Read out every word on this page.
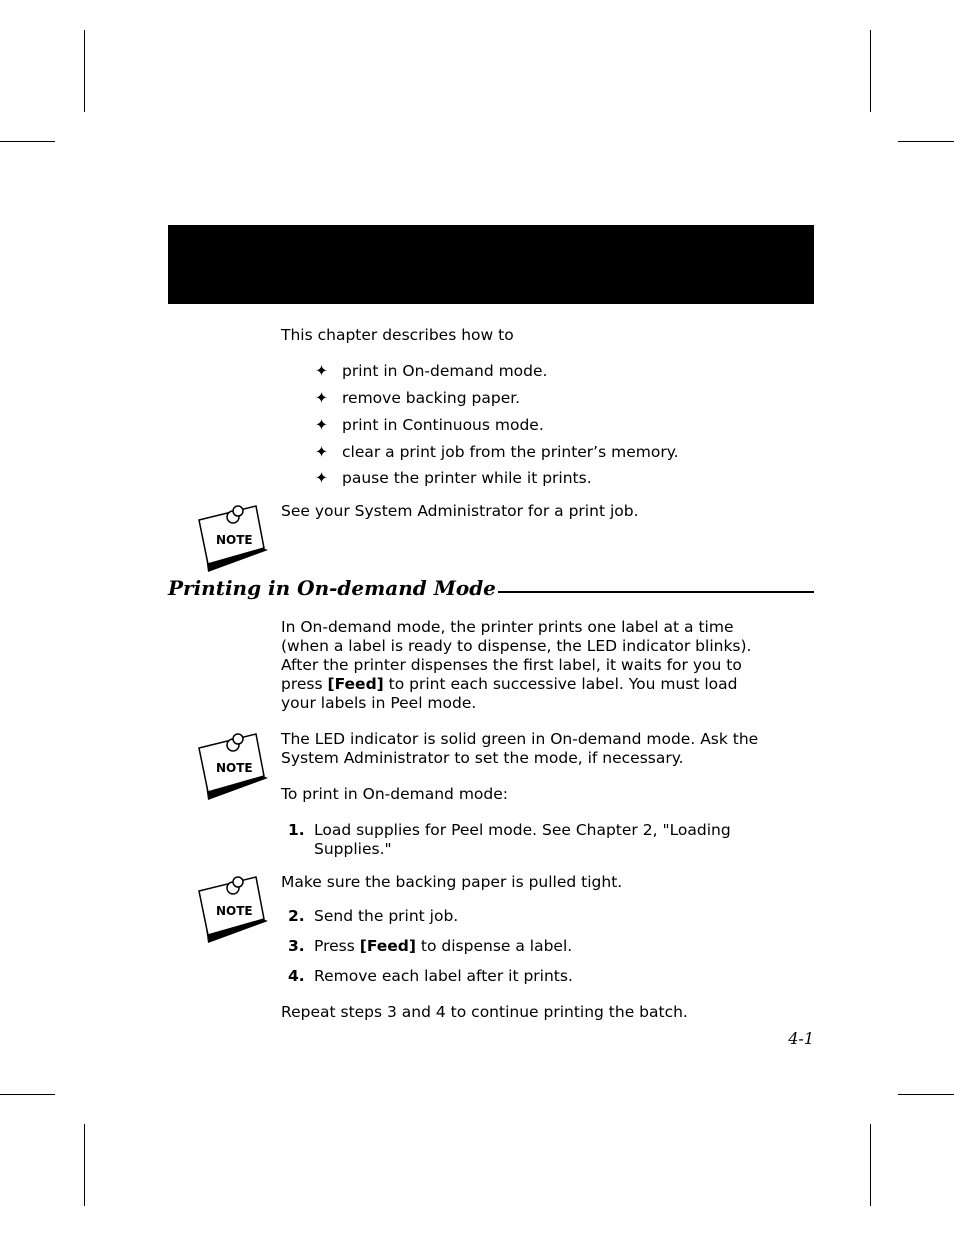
This chapter describes how to
✦ print in On-demand mode.
✦ remove backing paper.
✦ print in Continuous mode.
✦ clear a print job from the printer’s memory.
✦ pause the printer while it prints.
NOTE
See your System Administrator for a print job.
Printing in On-demand Mode
In On-demand mode, the printer prints one label at a time
(when a label is ready to dispense, the LED indicator blinks).
After the printer dispenses the first label, it waits for you to
press [Feed] to print each successive label. You must load
your labels in Peel mode.
NOTE
The LED indicator is solid green in On-demand mode. Ask the
System Administrator to set the mode, if necessary.
To print in On-demand mode:
1. Load supplies for Peel mode. See Chapter 2, "Loading
Supplies."
NOTE
Make sure the backing paper is pulled tight.
2. Send the print job.
3. Press [Feed] to dispense a label.
4. Remove each label after it prints.
Repeat steps 3 and 4 to continue printing the batch.
4-1
